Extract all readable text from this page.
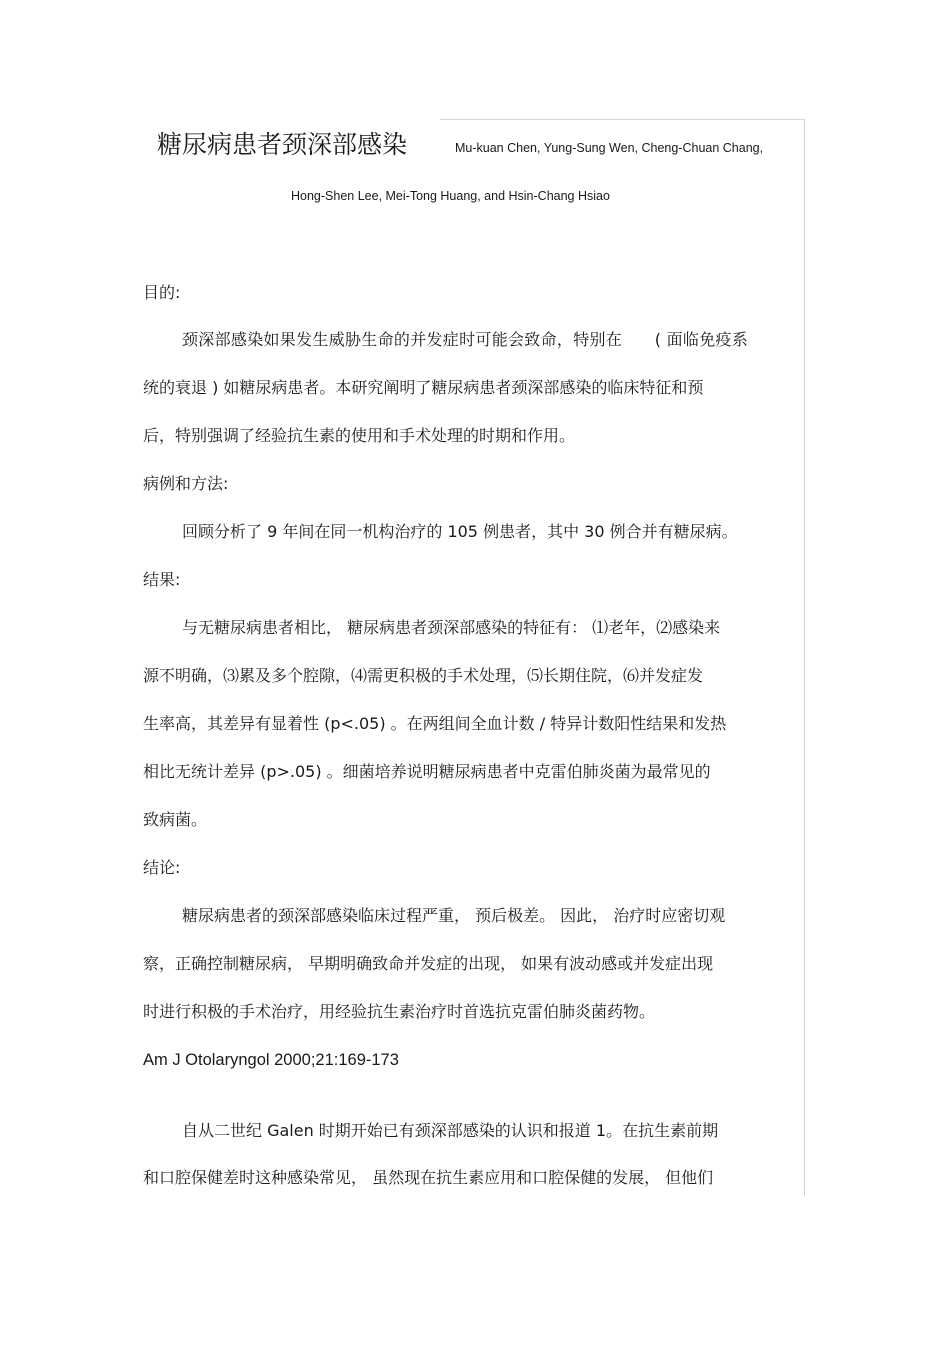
糖尿病患者颈深部感染	Mu-kuan Chen, Yung-Sung Wen, Cheng-Chuan Chang,
Hong-Shen Lee, Mei-Tong Huang, and Hsin-Chang Hsiao
目的:
颈深部感染如果发生威胁生命的并发症时可能会致命，特别在　　( 面临免疫系
统的衰退 ) 如糖尿病患者。本研究阐明了糖尿病患者颈深部感染的临床特征和预
后，特别强调了经验抗生素的使用和手术处理的时期和作用。
病例和方法:
回顾分析了 9 年间在同一机构治疗的 105 例患者，其中 30 例合并有糖尿病。
结果:
与无糖尿病患者相比， 糖尿病患者颈深部感染的特征有： ⑴老年，⑵感染来
源不明确，⑶累及多个腔隙，⑷需更积极的手术处理，⑸长期住院，⑹并发症发
生率高，其差异有显着性 (p<.05) 。在两组间全血计数 / 特异计数阳性结果和发热
相比无统计差异 (p>.05) 。细菌培养说明糖尿病患者中克雷伯肺炎菌为最常见的
致病菌。
结论:
糖尿病患者的颈深部感染临床过程严重， 预后极差。 因此， 治疗时应密切观
察，正确控制糖尿病， 早期明确致命并发症的出现， 如果有波动感或并发症出现
时进行积极的手术治疗，用经验抗生素治疗时首选抗克雷伯肺炎菌药物。
Am J Otolaryngol 2000;21:169-173
自从二世纪 Galen 时期开始已有颈深部感染的认识和报道 1。在抗生素前期
和口腔保健差时这种感染常见， 虽然现在抗生素应用和口腔保健的发展， 但他们
